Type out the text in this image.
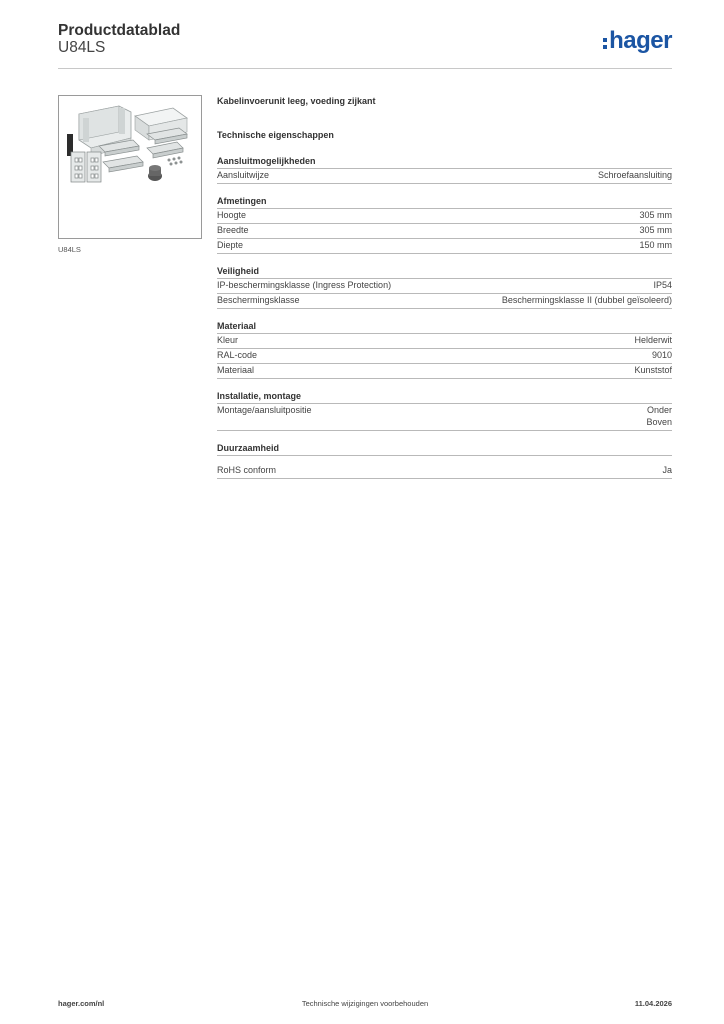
Productdatablad
U84LS	hager
U84LS
Kabelinvoerunit leeg, voeding zijkant
Technische eigenschappen
Aansluitmogelijkheden
Aansluitwijze	Schroefaansluiting
Afmetingen
Hoogte	305 mm
Breedte	305 mm
Diepte	150 mm
Veiligheid
IP-beschermingsklasse (Ingress Protection)	IP54
Beschermingsklasse	Beschermingsklasse II (dubbel geïsoleerd)
Materiaal
Kleur	Helderwit
RAL-code	9010
Materiaal	Kunststof
Installatie, montage
Montage/aansluitpositie	Onder
Boven
Duurzaamheid
RoHS conform	Ja
hager.com/nl	Technische wijzigingen voorbehouden	11.04.2026
